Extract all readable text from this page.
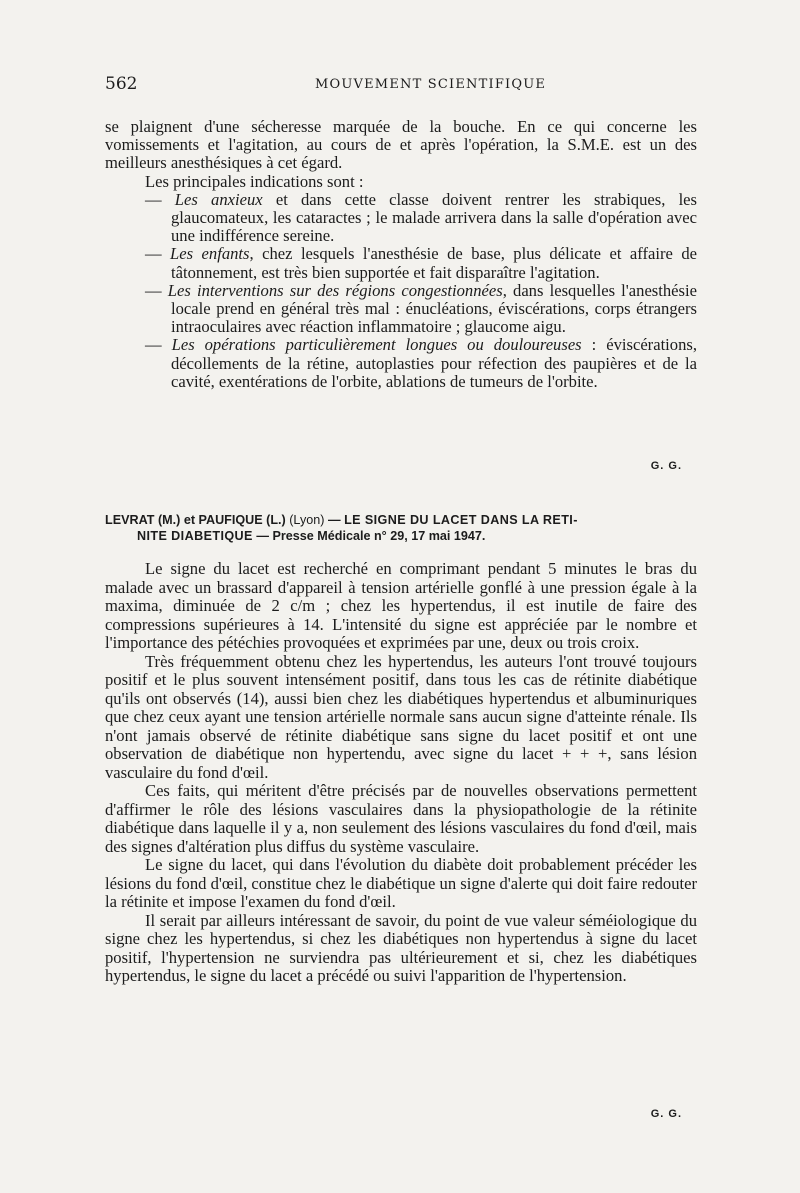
562	MOUVEMENT SCIENTIFIQUE

se plaignent d'une sécheresse marquée de la bouche. En ce qui concerne les vomissements et l'agitation, au cours de et après l'opération, la S.M.E. est un des meilleurs anesthésiques à cet égard.

Les principales indications sont :

— Les anxieux et dans cette classe doivent rentrer les strabiques, les glaucomateux, les cataractes ; le malade arrivera dans la salle d'opération avec une indifférence sereine.

— Les enfants, chez lesquels l'anesthésie de base, plus délicate et affaire de tâtonnement, est très bien supportée et fait disparaître l'agitation.

— Les interventions sur des régions congestionnées, dans lesquelles l'anesthésie locale prend en général très mal : énucléations, éviscérations, corps étrangers intraoculaires avec réaction inflammatoire ; glaucome aigu.

— Les opérations particulièrement longues ou douloureuses : éviscérations, décollements de la rétine, autoplasties pour réfection des paupières et de la cavité, exentérations de l'orbite, ablations de tumeurs de l'orbite.

G. G.
LEVRAT (M.) et PAUFIQUE (L.) (Lyon) — LE SIGNE DU LACET DANS LA RETI-
NITE DIABETIQUE — Presse Médicale n° 29, 17 mai 1947.

Le signe du lacet est recherché en comprimant pendant 5 minutes le bras du malade avec un brassard d'appareil à tension artérielle gonflé à une pression égale à la maxima, diminuée de 2 c/m ; chez les hypertendus, il est inutile de faire des compressions supérieures à 14. L'intensité du signe est appréciée par le nombre et l'importance des pétéchies provoquées et exprimées par une, deux ou trois croix.

Très fréquemment obtenu chez les hypertendus, les auteurs l'ont trouvé toujours positif et le plus souvent intensément positif, dans tous les cas de rétinite diabétique qu'ils ont observés (14), aussi bien chez les diabétiques hypertendus et albuminuriques que chez ceux ayant une tension artérielle normale sans aucun signe d'atteinte rénale. Ils n'ont jamais observé de rétinite diabétique sans signe du lacet positif et ont une observation de diabétique non hypertendu, avec signe du lacet + + +, sans lésion vasculaire du fond d'œil.

Ces faits, qui méritent d'être précisés par de nouvelles observations permettent d'affirmer le rôle des lésions vasculaires dans la physiopathologie de la rétinite diabétique dans laquelle il y a, non seulement des lésions vasculaires du fond d'œil, mais des signes d'altération plus diffus du système vasculaire.

Le signe du lacet, qui dans l'évolution du diabète doit probablement précéder les lésions du fond d'œil, constitue chez le diabétique un signe d'alerte qui doit faire redouter la rétinite et impose l'examen du fond d'œil.

Il serait par ailleurs intéressant de savoir, du point de vue valeur séméiologique du signe chez les hypertendus, si chez les diabétiques non hypertendus à signe du lacet positif, l'hypertension ne surviendra pas ultérieurement et si, chez les diabétiques hypertendus, le signe du lacet a précédé ou suivi l'apparition de l'hypertension.

G. G.
